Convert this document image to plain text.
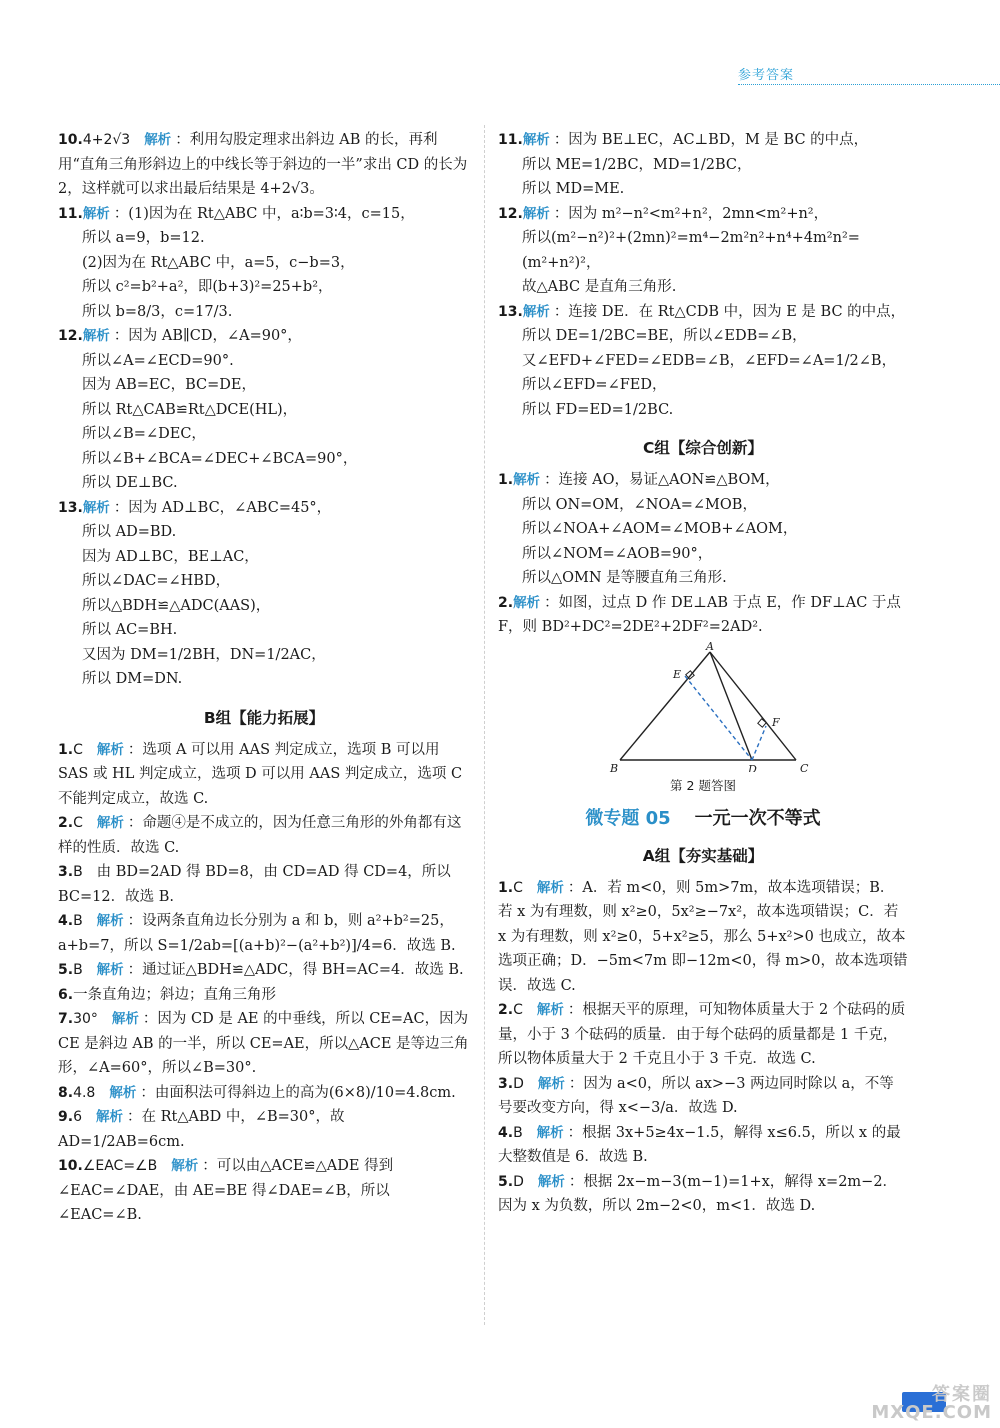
参考答案

10.4+2√3 解析 ：利用勾股定理求出斜边 AB 的长，再利用“直角三角形斜边上的中线长等于斜边的一半”求出 CD 的长为 2，这样就可以求出最后结果是 4+2√3。

11.解析 ：(1)因为在 Rt△ABC 中，a∶b=3∶4，c=15，

所以 a=9，b=12.

(2)因为在 Rt△ABC 中，a=5，c−b=3，

所以 c²=b²+a²，即(b+3)²=25+b²，

所以 b=8/3，c=17/3.

12.解析 ：因为 AB∥CD，∠A=90°，

所以∠A=∠ECD=90°.

因为 AB=EC，BC=DE，

所以 Rt△CAB≌Rt△DCE(HL)，

所以∠B=∠DEC，

所以∠B+∠BCA=∠DEC+∠BCA=90°，

所以 DE⊥BC.

13.解析 ：因为 AD⊥BC，∠ABC=45°，

所以 AD=BD.

因为 AD⊥BC，BE⊥AC，

所以∠DAC=∠HBD，

所以△BDH≌△ADC(AAS)，

所以 AC=BH.

又因为 DM=1/2BH，DN=1/2AC，

所以 DM=DN.

B组【能力拓展】

1.C 解析 ：选项 A 可以用 AAS 判定成立，选项 B 可以用 SAS 或 HL 判定成立，选项 D 可以用 AAS 判定成立，选项 C 不能判定成立，故选 C.

2.C 解析 ：命题④是不成立的，因为任意三角形的外角都有这样的性质．故选 C.

3.B 由 BD=2AD 得 BD=8，由 CD=AD 得 CD=4，所以 BC=12．故选 B.

4.B 解析 ：设两条直角边长分别为 a 和 b，则 a²+b²=25，a+b=7，所以 S=1/2ab=[(a+b)²−(a²+b²)]/4=6．故选 B.

5.B 解析 ：通过证△BDH≌△ADC，得 BH=AC=4．故选 B.

6.一条直角边；斜边；直角三角形

7.30° 解析 ：因为 CD 是 AE 的中垂线，所以 CE=AC，因为 CE 是斜边 AB 的一半，所以 CE=AE，所以△ACE 是等边三角形，∠A=60°，所以∠B=30°.

8.4.8 解析 ：由面积法可得斜边上的高为(6×8)/10=4.8cm.

9.6 解析 ：在 Rt△ABD 中，∠B=30°，故 AD=1/2AB=6cm.

10.∠EAC=∠B 解析 ：可以由△ACE≌△ADE 得到∠EAC=∠DAE，由 AE=BE 得∠DAE=∠B，所以∠EAC=∠B.

11.解析 ：因为 BE⊥EC，AC⊥BD，M 是 BC 的中点，

所以 ME=1/2BC，MD=1/2BC，

所以 MD=ME.

12.解析 ：因为 m²−n²<m²+n²，2mn<m²+n²，

所以(m²−n²)²+(2mn)²=m⁴−2m²n²+n⁴+4m²n²=(m²+n²)²，

故△ABC 是直角三角形.

13.解析 ：连接 DE．在 Rt△CDB 中，因为 E 是 BC 的中点，

所以 DE=1/2BC=BE，所以∠EDB=∠B，

又∠EFD+∠FED=∠EDB=∠B，∠EFD=∠A=1/2∠B，

所以∠EFD=∠FED，

所以 FD=ED=1/2BC.

C组【综合创新】

1.解析 ：连接 AO，易证△AON≌△BOM，

所以 ON=OM，∠NOA=∠MOB，

所以∠NOA+∠AOM=∠MOB+∠AOM，

所以∠NOM=∠AOB=90°，

所以△OMN 是等腰直角三角形.

2.解析 ：如图，过点 D 作 DE⊥AB 于点 E，作 DF⊥AC 于点 F，则 BD²+DC²=2DE²+2DF²=2AD².

A
E
F
B	D	C
第 2 题答图
微专题 05 一元一次不等式
A组【夯实基础】

1.C 解析 ：A．若 m<0，则 5m>7m，故本选项错误；B．若 x 为有理数，则 x²≥0，5x²≥−7x²，故本选项错误；C．若 x 为有理数，则 x²≥0，5+x²≥5，那么 5+x²>0 也成立，故本选项正确；D．−5m<7m 即−12m<0，得 m>0，故本选项错误．故选 C.

2.C 解析 ：根据天平的原理，可知物体质量大于 2 个砝码的质量，小于 3 个砝码的质量．由于每个砝码的质量都是 1 千克，所以物体质量大于 2 千克且小于 3 千克．故选 C.

3.D 解析 ：因为 a<0，所以 ax>−3 两边同时除以 a，不等号要改变方向，得 x<−3/a．故选 D.

4.B 解析 ：根据 3x+5≥4x−1.5，解得 x≤6.5，所以 x 的最大整数值是 6．故选 B.

5.D 解析 ：根据 2x−m−3(m−1)=1+x，解得 x=2m−2．因为 x 为负数，所以 2m−2<0，m<1．故选 D.

答案圈
MXQE.COM
